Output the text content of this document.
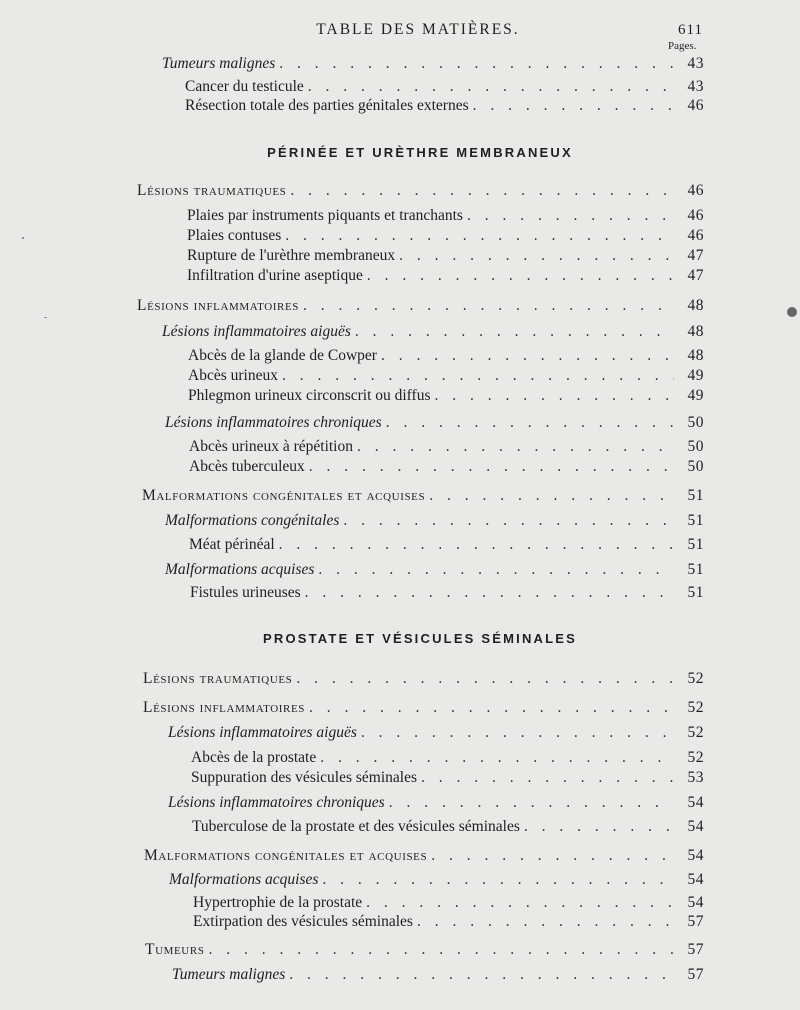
TABLE DES MATIÈRES.	611
Pages.
Tumeurs malignes . . .	43
Cancer du testicule . . .	43
Résection totale des parties génitales externes . . .	46
PÉRINÉE ET URÈTHRE MEMBRANEUX
Lésions traumatiques . . .	46
Plaies par instruments piquants et tranchants . . .	46
Plaies contuses . . .	46
Rupture de l'urèthre membraneux . . .	47
Infiltration d'urine aseptique . . .	47
Lésions inflammatoires . . .	48
Lésions inflammatoires aiguës . . .	48
Abcès de la glande de Cowper . . .	48
Abcès urineux . . .	49
Phlegmon urineux circonscrit ou diffus . . .	49
Lésions inflammatoires chroniques . . .	50
Abcès urineux à répétition . . .	50
Abcès tuberculeux . . .	50
Malformations congénitales et acquises . . .	51
Malformations congénitales . . .	51
Méat périnéal . . .	51
Malformations acquises . . .	51
Fistules urineuses . . .	51
PROSTATE ET VÉSICULES SÉMINALES
Lésions traumatiques . . .	52
Lésions inflammatoires . . .	52
Lésions inflammatoires aiguës . . .	52
Abcès de la prostate . . .	52
Suppuration des vésicules séminales . . .	53
Lésions inflammatoires chroniques . . .	54
Tuberculose de la prostate et des vésicules séminales . . .	54
Malformations congénitales et acquises . . .	54
Malformations acquises . . .	54
Hypertrophie de la prostate . . .	54
Extirpation des vésicules séminales . . .	57
Tumeurs . . .	57
Tumeurs malignes . . .	57
